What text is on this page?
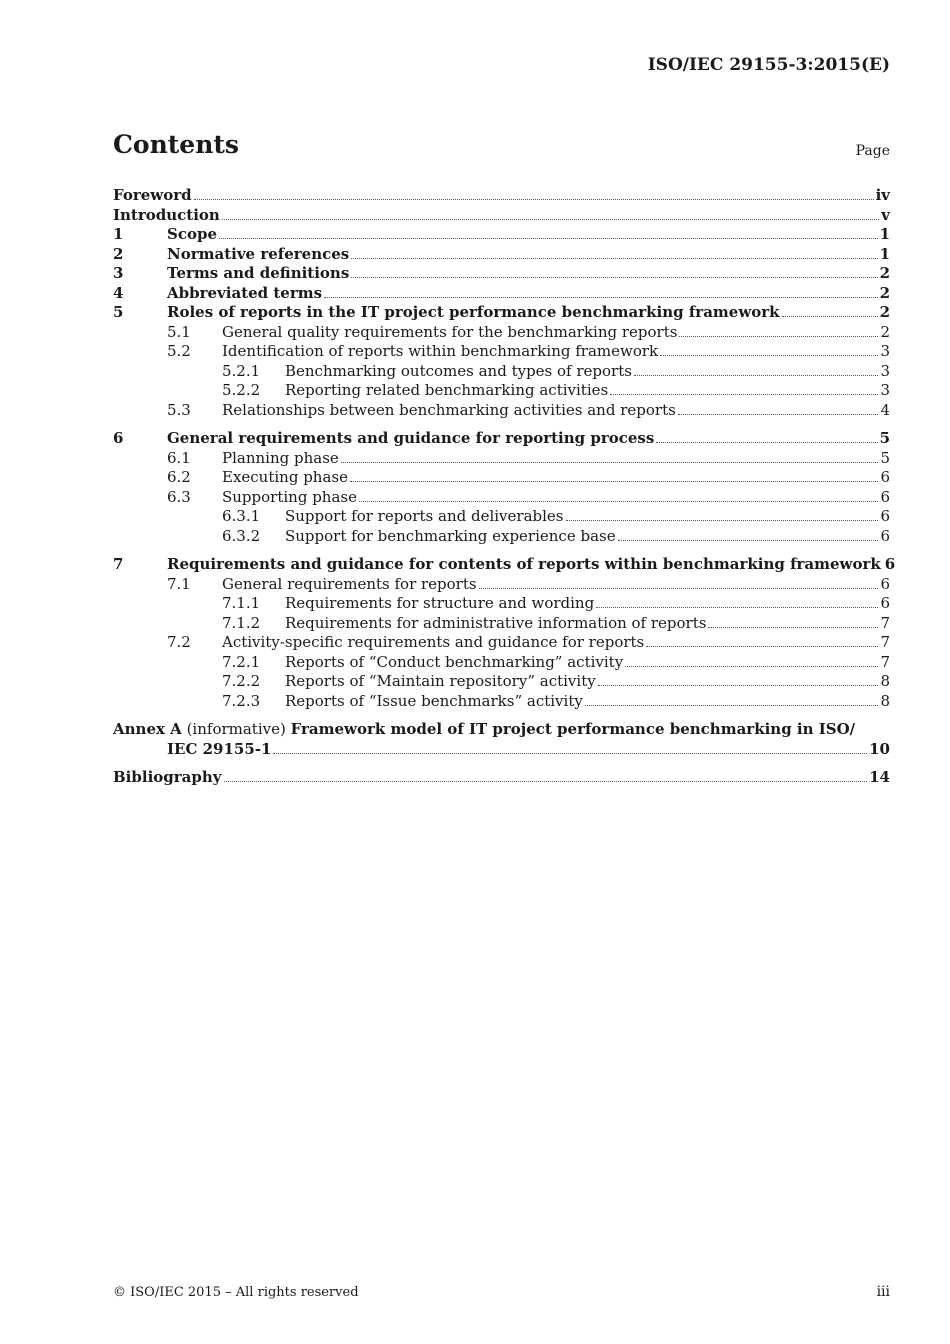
ISO/IEC 29155-3:2015(E)
Contents	Page
Foreword	iv
Introduction	v
1	Scope	1
2	Normative references	1
3	Terms and definitions	2
4	Abbreviated terms	2
5	Roles of reports in the IT project performance benchmarking framework	2
5.1 General quality requirements for the benchmarking reports	2
5.2 Identification of reports within benchmarking framework	3
5.2.1 Benchmarking outcomes and types of reports	3
5.2.2 Reporting related benchmarking activities	3
5.3 Relationships between benchmarking activities and reports	4
6	General requirements and guidance for reporting process	5
6.1 Planning phase	5
6.2 Executing phase	6
6.3 Supporting phase	6
6.3.1 Support for reports and deliverables	6
6.3.2 Support for benchmarking experience base	6
7	Requirements and guidance for contents of reports within benchmarking framework 6
7.1 General requirements for reports	6
7.1.1 Requirements for structure and wording	6
7.1.2 Requirements for administrative information of reports	7
7.2 Activity-specific requirements and guidance for reports	7
7.2.1 Reports of “Conduct benchmarking” activity	7
7.2.2 Reports of “Maintain repository” activity	8
7.2.3 Reports of “Issue benchmarks” activity	8
Annex A (informative) Framework model of IT project performance benchmarking in ISO/
IEC 29155-1	10
Bibliography	14
© ISO/IEC 2015 – All rights reserved	iii
